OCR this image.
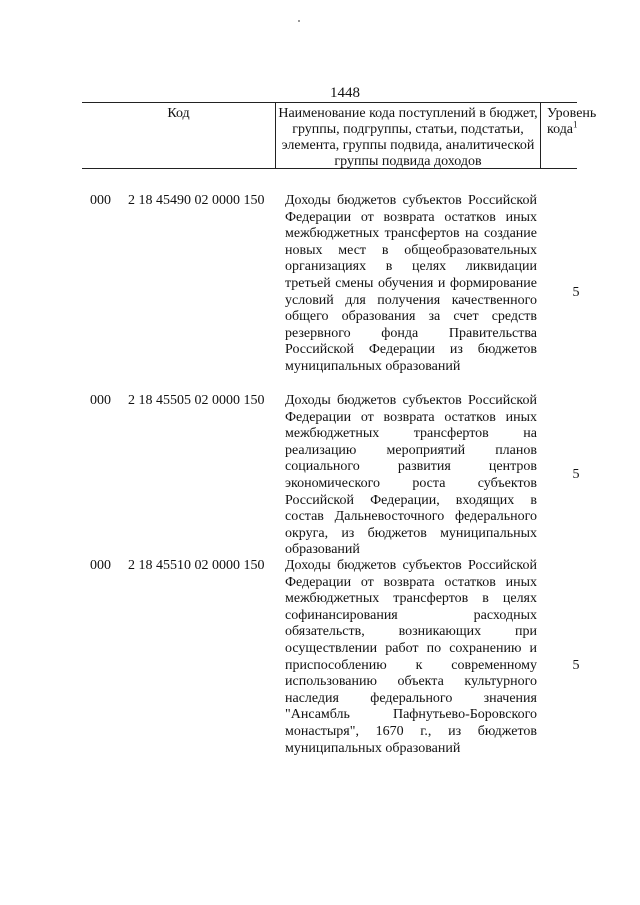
1448
Код	Наименование кода поступлений в бюджет, группы, подгруппы, статьи, подстатьи, элемента, группы подвида, аналитической группы подвида доходов
Уровень кода$^1$
000 2 18 45490 02 0000 150 Доходы бюджетов субъектов Российской Федерации от возврата остатков иных межбюджетных трансфертов на создание новых мест в общеобразовательных организациях в целях ликвидации третьей смены обучения и формирование условий для получения качественного общего образования за счет средств резервного фонда Правительства Российской Федерации из бюджетов муниципальных образований
5
000 2 18 45505 02 0000 150 Доходы бюджетов субъектов Российской Федерации от возврата остатков иных межбюджетных трансфертов на реализацию мероприятий планов социального развития центров экономического роста субъектов Российской Федерации, входящих в состав Дальневосточного федерального округа, из бюджетов муниципальных образований
5
000 2 18 45510 02 0000 150 Доходы бюджетов субъектов Российской Федерации от возврата остатков иных межбюджетных трансфертов в целях софинансирования расходных обязательств, возникающих при осуществлении работ по сохранению и приспособлению к современному использованию объекта культурного наследия федерального значения "Ансамбль Пафнутьево-Боровского монастыря", 1670 г., из бюджетов муниципальных образований
5
